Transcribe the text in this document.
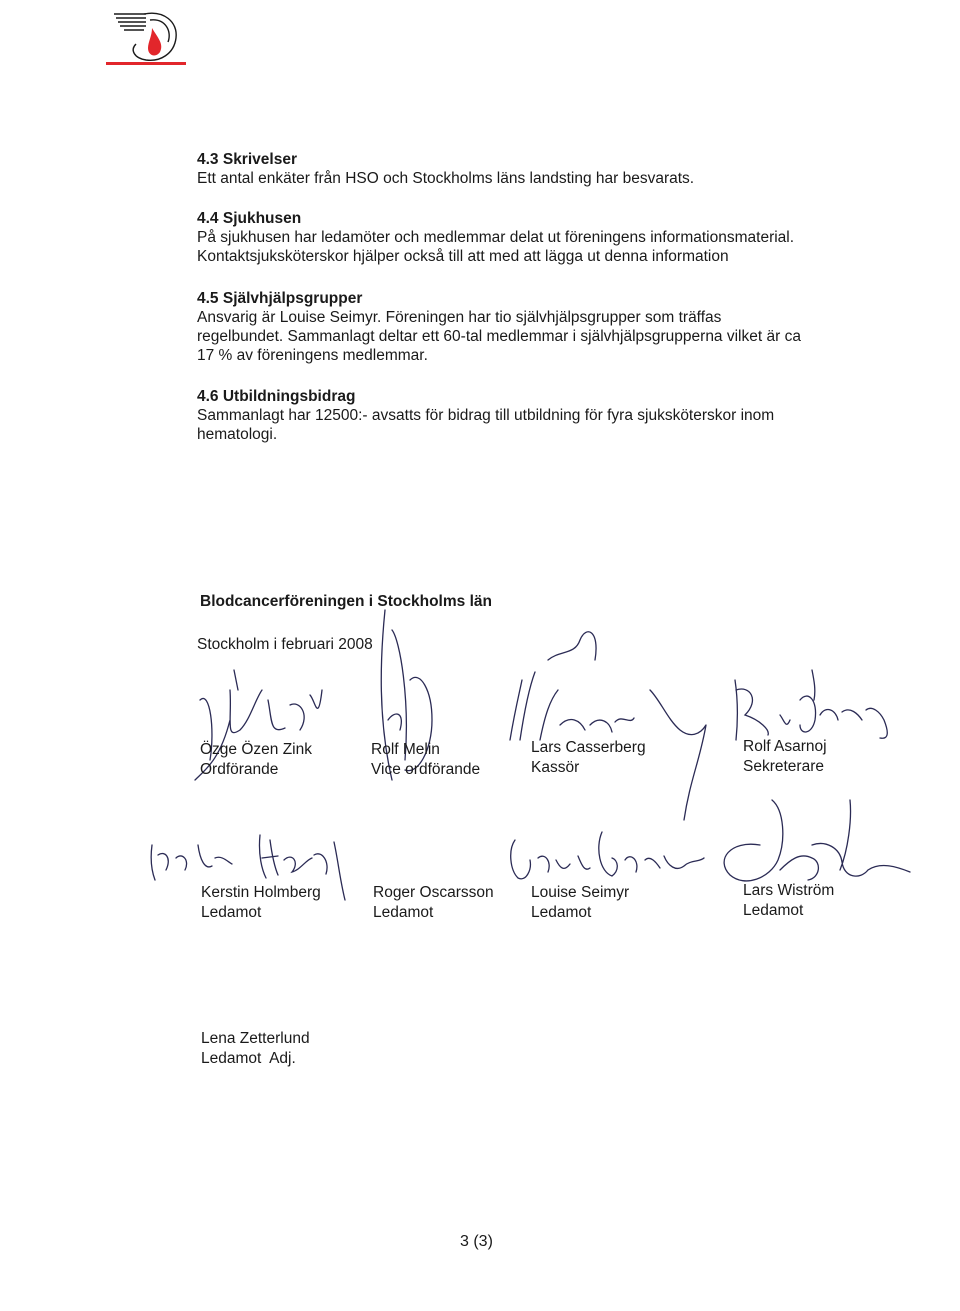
4.3 Skrivelser

Ett antal enkäter från HSO och Stockholms läns landsting har besvarats.

4.4 Sjukhusen

På sjukhusen har ledamöter och medlemmar delat ut föreningens informationsmaterial.

Kontaktsjuksköterskor hjälper också till att med att lägga ut denna information

4.5 Självhjälpsgrupper

Ansvarig är Louise Seimyr. Föreningen har tio självhjälpsgrupper som träffas

regelbundet. Sammanlagt deltar ett 60-tal medlemmar i självhjälpsgrupperna vilket är ca

17 % av föreningens medlemmar.

4.6 Utbildningsbidrag

Sammanlagt har 12500:- avsatts för bidrag till utbildning för fyra sjuksköterskor inom

hematologi.

Blodcancerföreningen i Stockholms län
Stockholm i februari 2008
Özge Özen Zink
Ordförande
Rolf Melin
Vice ordförande
Lars Casserberg
Kassör
Rolf Asarnoj
Sekreterare
Kerstin Holmberg
Ledamot
Roger Oscarsson
Ledamot
Louise Seimyr
Ledamot
Lars Wiström
Ledamot
Lena Zetterlund
Ledamot  Adj.
3 (3)
